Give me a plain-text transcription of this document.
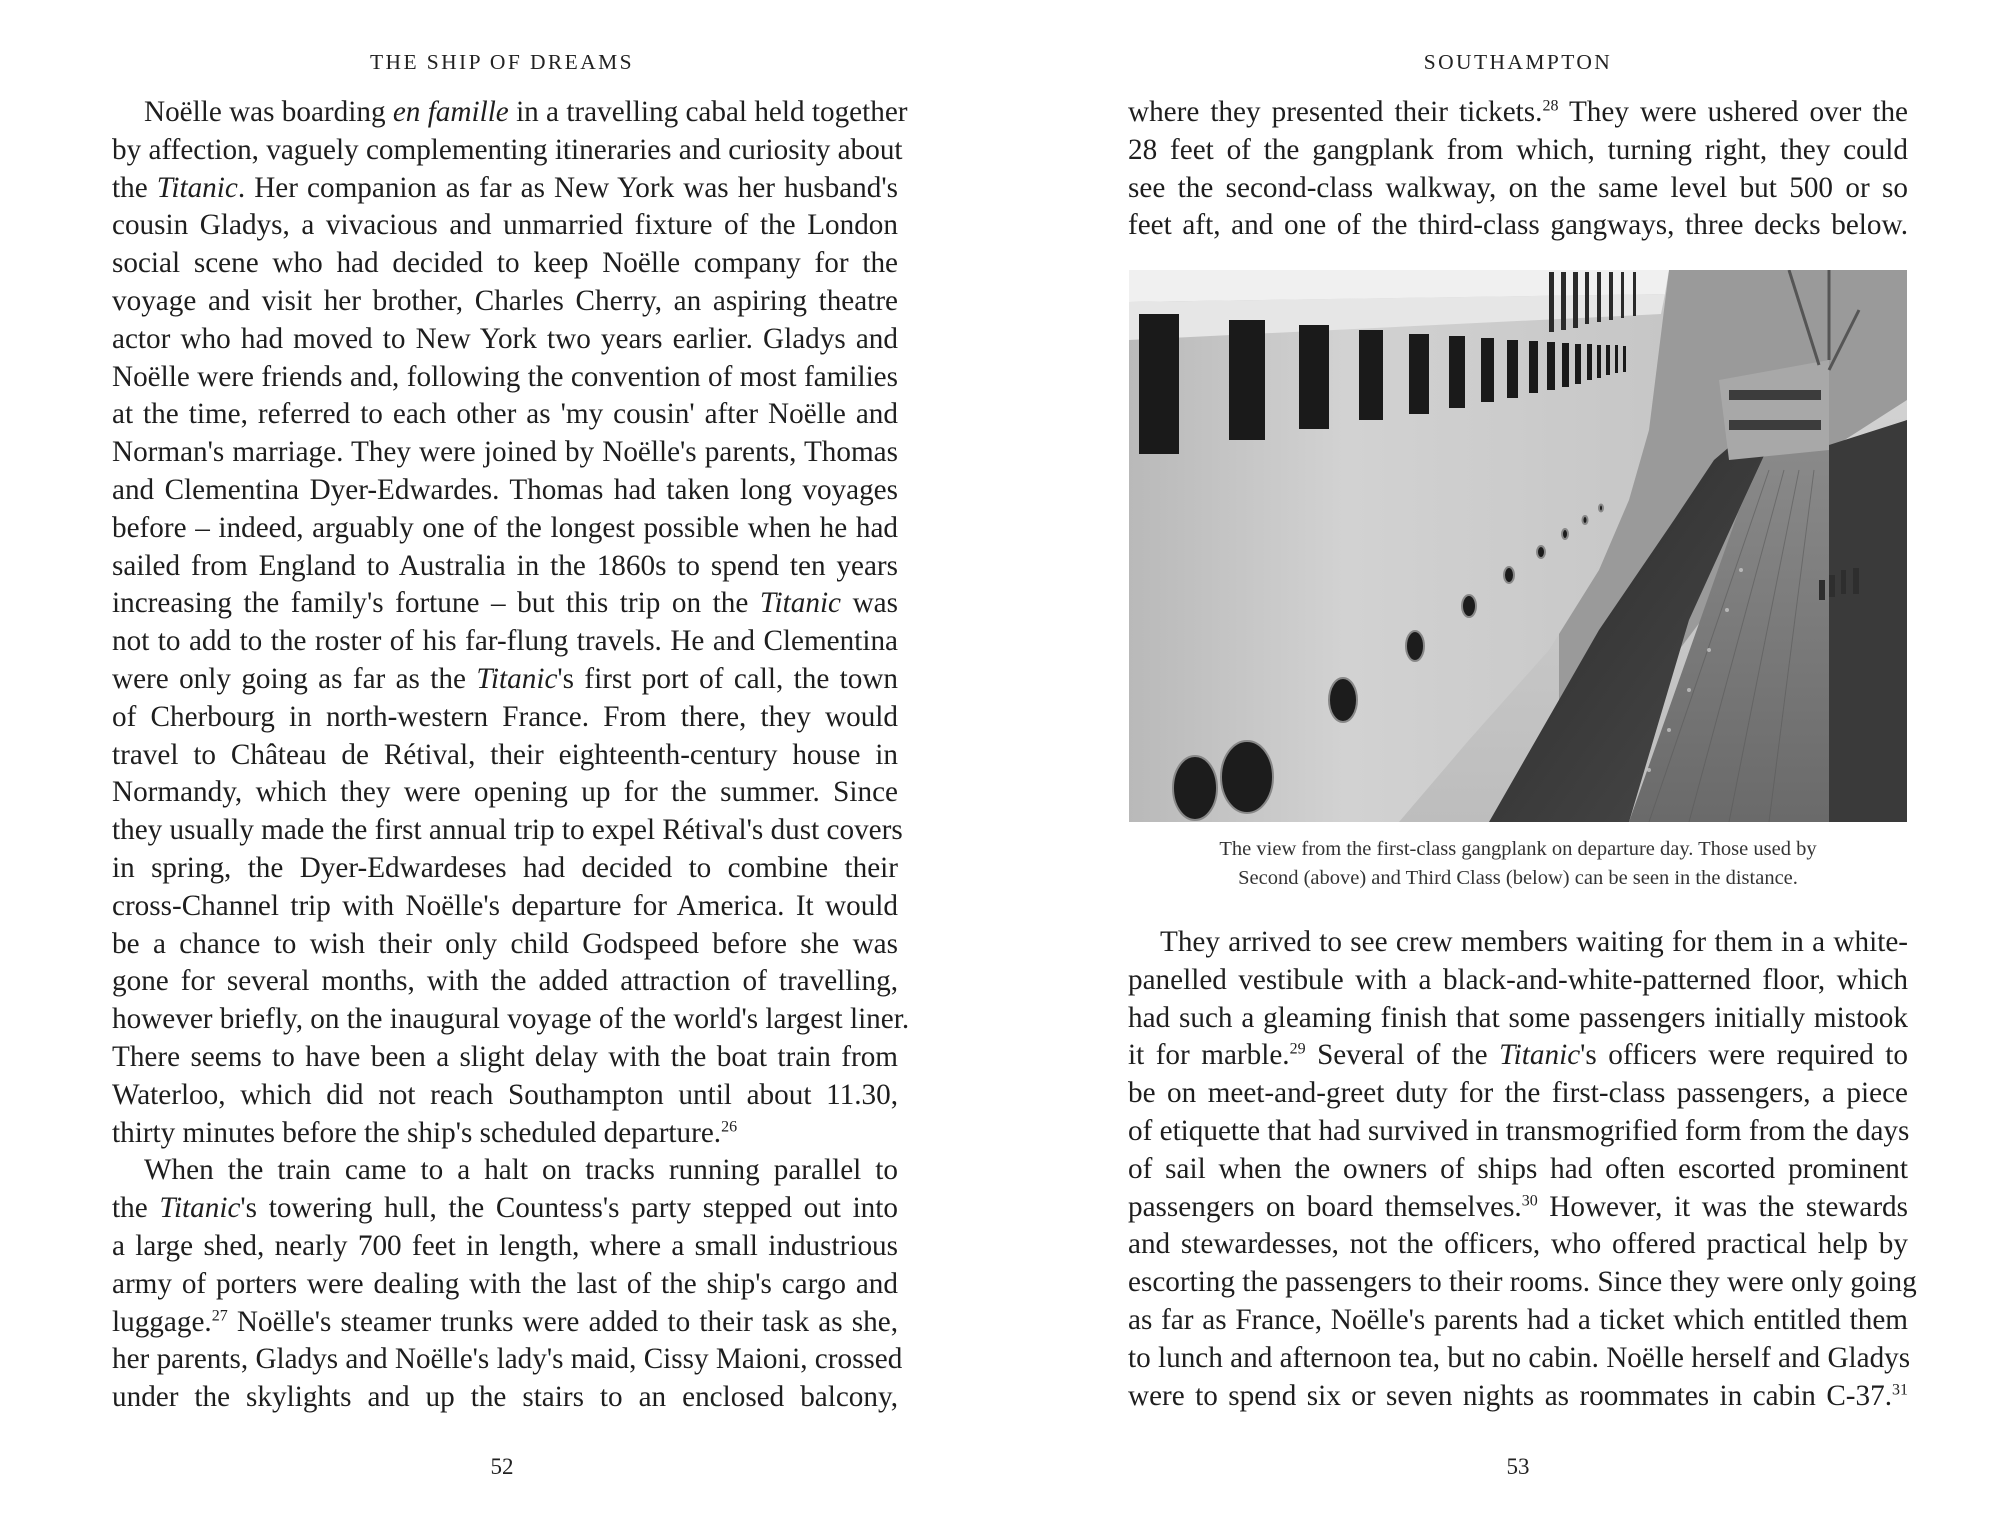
THE SHIP OF DREAMS

Noëlle was boarding en famille in a travelling cabal held together
by affection, vaguely complementing itineraries and curiosity about
the Titanic. Her companion as far as New York was her husband's
cousin Gladys, a vivacious and unmarried fixture of the London
social scene who had decided to keep Noëlle company for the
voyage and visit her brother, Charles Cherry, an aspiring theatre
actor who had moved to New York two years earlier. Gladys and
Noëlle were friends and, following the convention of most families
at the time, referred to each other as 'my cousin' after Noëlle and
Norman's marriage. They were joined by Noëlle's parents, Thomas
and Clementina Dyer-Edwardes. Thomas had taken long voyages
before – indeed, arguably one of the longest possible when he had
sailed from England to Australia in the 1860s to spend ten years
increasing the family's fortune – but this trip on the Titanic was
not to add to the roster of his far-flung travels. He and Clementina
were only going as far as the Titanic's first port of call, the town
of Cherbourg in north-western France. From there, they would
travel to Château de Rétival, their eighteenth-century house in
Normandy, which they were opening up for the summer. Since
they usually made the first annual trip to expel Rétival's dust covers
in spring, the Dyer-Edwardeses had decided to combine their
cross-Channel trip with Noëlle's departure for America. It would
be a chance to wish their only child Godspeed before she was
gone for several months, with the added attraction of travelling,
however briefly, on the inaugural voyage of the world's largest liner.
There seems to have been a slight delay with the boat train from
Waterloo, which did not reach Southampton until about 11.30,
thirty minutes before the ship's scheduled departure.$^{26}$

When the train came to a halt on tracks running parallel to
the Titanic's towering hull, the Countess's party stepped out into
a large shed, nearly 700 feet in length, where a small industrious
army of porters were dealing with the last of the ship's cargo and
luggage.$^{27}$ Noëlle's steamer trunks were added to their task as she,
her parents, Gladys and Noëlle's lady's maid, Cissy Maioni, crossed
under the skylights and up the stairs to an enclosed balcony,

52
SOUTHAMPTON

where they presented their tickets.$^{28}$ They were ushered over the
28 feet of the gangplank from which, turning right, they could
see the second-class walkway, on the same level but 500 or so
feet aft, and one of the third-class gangways, three decks below.

The view from the first-class gangplank on departure day. Those used by
Second (above) and Third Class (below) can be seen in the distance.

They arrived to see crew members waiting for them in a white-
panelled vestibule with a black-and-white-patterned floor, which
had such a gleaming finish that some passengers initially mistook
it for marble.$^{29}$ Several of the Titanic's officers were required to
be on meet-and-greet duty for the first-class passengers, a piece
of etiquette that had survived in transmogrified form from the days
of sail when the owners of ships had often escorted prominent
passengers on board themselves.$^{30}$ However, it was the stewards
and stewardesses, not the officers, who offered practical help by
escorting the passengers to their rooms. Since they were only going
as far as France, Noëlle's parents had a ticket which entitled them
to lunch and afternoon tea, but no cabin. Noëlle herself and Gladys
were to spend six or seven nights as roommates in cabin C-37.31

53
